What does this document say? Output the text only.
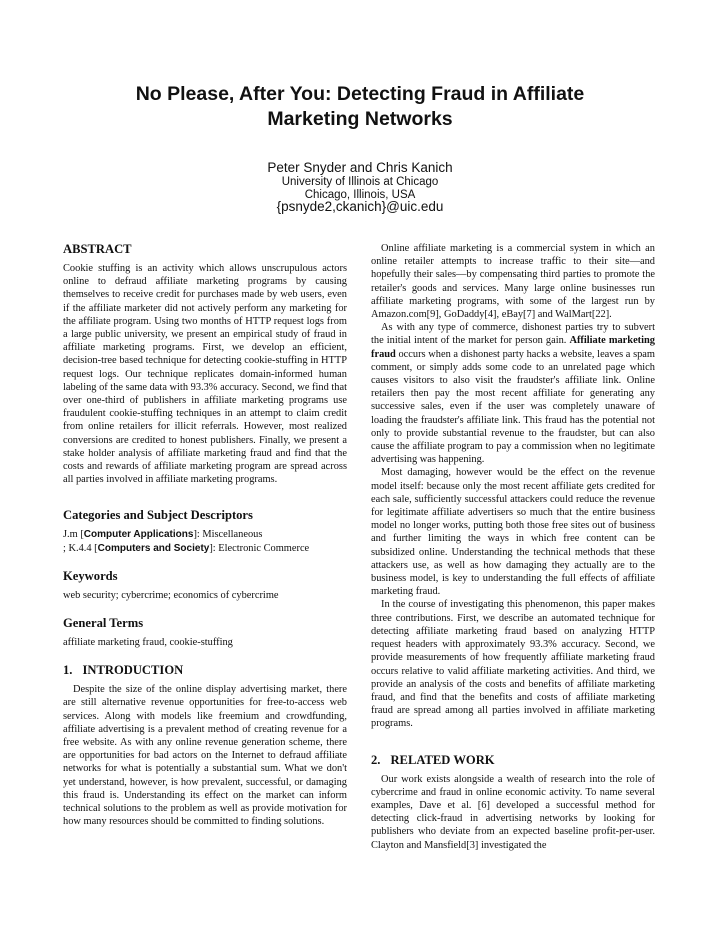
No Please, After You: Detecting Fraud in Affiliate
Marketing Networks
Peter Snyder and Chris Kanich
University of Illinois at Chicago
Chicago, Illinois, USA
{psnyde2,ckanich}@uic.edu
ABSTRACT

Cookie stuffing is an activity which allows unscrupulous actors online to defraud affiliate marketing programs by causing themselves to receive credit for purchases made by web users, even if the affiliate marketer did not actively perform any marketing for the affiliate program. Using two months of HTTP request logs from a large public university, we present an empirical study of fraud in affiliate marketing programs. First, we develop an efficient, decision-tree based technique for detecting cookie-stuffing in HTTP request logs. Our technique replicates domain-informed human labeling of the same data with 93.3% accuracy. Second, we find that over one-third of publishers in affiliate marketing programs use fraudulent cookie-stuffing techniques in an attempt to claim credit from online retailers for illicit referrals. However, most realized conversions are credited to honest publishers. Finally, we present a stake holder analysis of affiliate marketing fraud and find that the costs and rewards of affiliate marketing program are spread across all parties involved in affiliate marketing programs.

Categories and Subject Descriptors
J.m [Computer Applications]: Miscellaneous
; K.4.4 [Computers and Society]: Electronic Commerce
Keywords
web security; cybercrime; economics of cybercrime
General Terms
affiliate marketing fraud, cookie-stuffing
1. INTRODUCTION

Despite the size of the online display advertising market, there are still alternative revenue opportunities for free-to-access web services. Along with models like freemium and crowdfunding, affiliate advertising is a prevalent method of creating revenue for a free website. As with any online revenue generation scheme, there are opportunities for bad actors on the Internet to defraud affiliate networks for what is potentially a substantial sum. What we don't yet understand, however, is how prevalent, successful, or damaging this fraud is. Understanding its effect on the market can inform technical solutions to the problem as well as provide motivation for how many resources should be committed to finding solutions.

Online affiliate marketing is a commercial system in which an online retailer attempts to increase traffic to their site—and hopefully their sales—by compensating third parties to promote the retailer's goods and services. Many large online businesses run affiliate marketing programs, with some of the largest run by Amazon.com[9], GoDaddy[4], eBay[7] and WalMart[22].

As with any type of commerce, dishonest parties try to subvert the initial intent of the market for person gain. Affiliate marketing fraud occurs when a dishonest party hacks a website, leaves a spam comment, or simply adds some code to an unrelated page which causes visitors to also visit the fraudster's affiliate link. Online retailers then pay the most recent affiliate for generating any successive sales, even if the user was completely unaware of loading the fraudster's affiliate link. This fraud has the potential not only to provide substantial revenue to the fraudster, but can also cause the affiliate program to pay a commission when no legitimate advertising was happening.

Most damaging, however would be the effect on the revenue model itself: because only the most recent affiliate gets credited for each sale, sufficiently successful attackers could reduce the revenue for legitimate affiliate advertisers so much that the entire business model no longer works, putting both those free sites out of business and further limiting the ways in which free content can be subsidized online. Understanding the technical methods that these attackers use, as well as how damaging they actually are to the business model, is key to understanding the full effects of affiliate marketing fraud.

In the course of investigating this phenomenon, this paper makes three contributions. First, we describe an automated technique for detecting affiliate marketing fraud based on analyzing HTTP request headers with approximately 93.3% accuracy. Second, we provide measurements of how frequently affiliate marketing fraud occurs relative to valid affiliate marketing activities. And third, we provide an analysis of the costs and benefits of affiliate marketing fraud, and find that the benefits and costs of affiliate marketing fraud are spread among all parties involved in affiliate marketing programs.

2. RELATED WORK

Our work exists alongside a wealth of research into the role of cybercrime and fraud in online economic activity. To name several examples, Dave et al. [6] developed a successful method for detecting click-fraud in advertising networks by looking for publishers who deviate from an expected baseline profit-per-user. Clayton and Mansfield[3] investigated the
